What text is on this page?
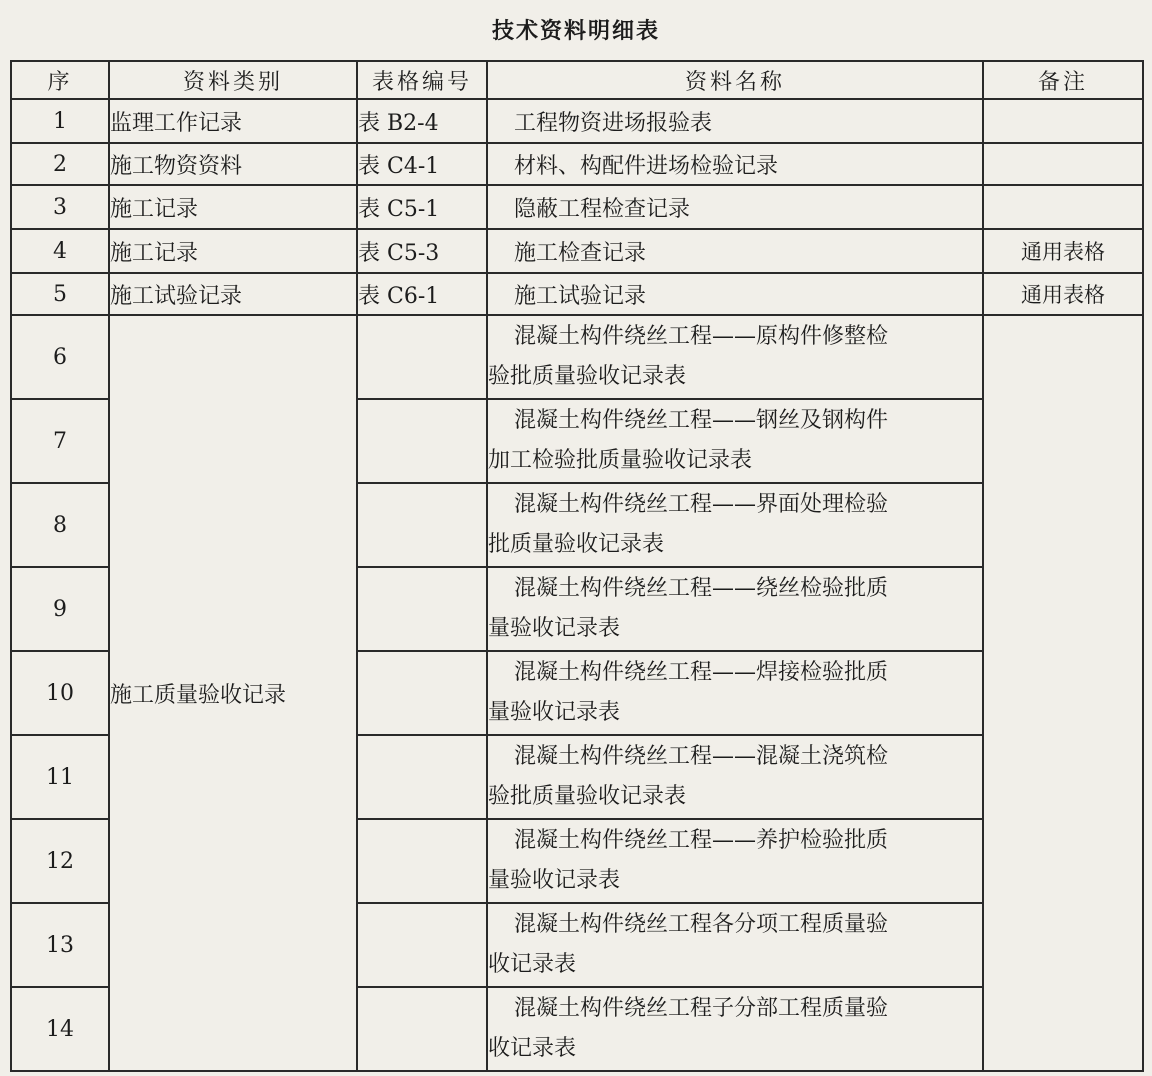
技术资料明细表
序	资料类别	表格编号	资料名称	备注
1	监理工作记录	表 B2-4	工程物资进场报验表	
2	施工物资资料	表 C4-1	材料、构配件进场检验记录	
3	施工记录	表 C5-1	隐蔽工程检查记录	
4	施工记录	表 C5-3	施工检查记录	通用表格
5	施工试验记录	表 C6-1	施工试验记录	通用表格
6	施工质量验收记录		混凝土构件绕丝工程——原构件修整检
验批质量验收记录表	
7			混凝土构件绕丝工程——钢丝及钢构件
加工检验批质量验收记录表	
8			混凝土构件绕丝工程——界面处理检验
批质量验收记录表	
9			混凝土构件绕丝工程——绕丝检验批质
量验收记录表	
10			混凝土构件绕丝工程——焊接检验批质
量验收记录表	
11			混凝土构件绕丝工程——混凝土浇筑检
验批质量验收记录表	
12			混凝土构件绕丝工程——养护检验批质
量验收记录表	
13			混凝土构件绕丝工程各分项工程质量验
收记录表	
14			混凝土构件绕丝工程子分部工程质量验
收记录表	
